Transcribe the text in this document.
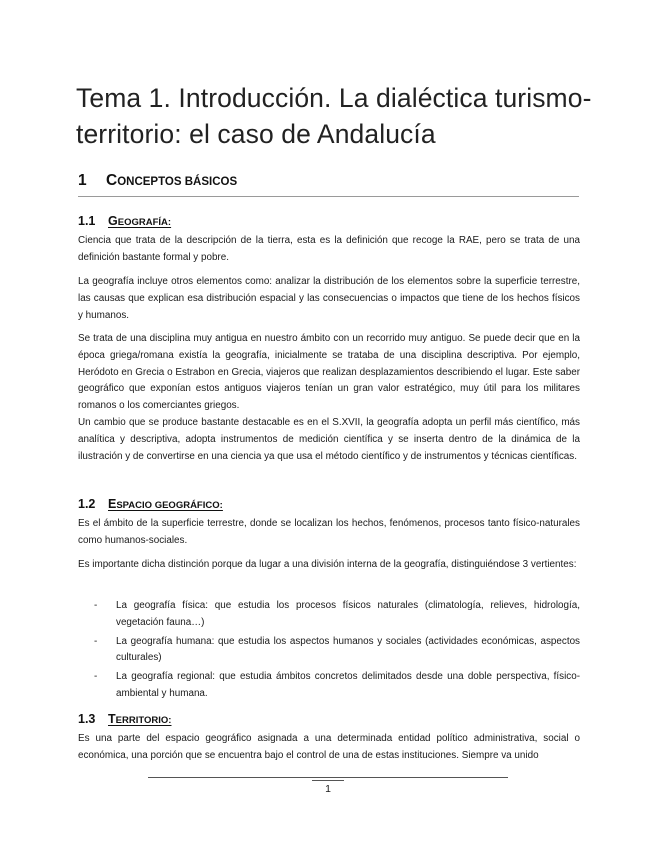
Tema 1. Introducción. La dialéctica turismo-territorio: el caso de Andalucía
1 CONCEPTOS BÁSICOS
1.1 GEOGRAFÍA:

Ciencia que trata de la descripción de la tierra, esta es la definición que recoge la RAE, pero se trata de una definición bastante formal y pobre.

La geografía incluye otros elementos como: analizar la distribución de los elementos sobre la superficie terrestre, las causas que explican esa distribución espacial y las consecuencias o impactos que tiene de los hechos físicos y humanos.

Se trata de una disciplina muy antigua en nuestro ámbito con un recorrido muy antiguo. Se puede decir que en la época griega/romana existía la geografía, inicialmente se trataba de una disciplina descriptiva. Por ejemplo, Heródoto en Grecia o Estrabon en Grecia, viajeros que realizan desplazamientos describiendo el lugar. Este saber geográfico que exponían estos antiguos viajeros tenían un gran valor estratégico, muy útil para los militares romanos o los comerciantes griegos.

Un cambio que se produce bastante destacable es en el S.XVII, la geografía adopta un perfil más científico, más analítica y descriptiva, adopta instrumentos de medición científica y se inserta dentro de la dinámica de la ilustración y de convertirse en una ciencia ya que usa el método científico y de instrumentos y técnicas científicas.

1.2 ESPACIO GEOGRÁFICO:

Es el ámbito de la superficie terrestre, donde se localizan los hechos, fenómenos, procesos tanto físico-naturales como humanos-sociales.

Es importante dicha distinción porque da lugar a una división interna de la geografía, distinguiéndose 3 vertientes:

- La geografía física: que estudia los procesos físicos naturales (climatología, relieves, hidrología, vegetación fauna…)
- La geografía humana: que estudia los aspectos humanos y sociales (actividades económicas, aspectos culturales)
- La geografía regional: que estudia ámbitos concretos delimitados desde una doble perspectiva, físico-ambiental y humana.
1.3 TERRITORIO:

Es una parte del espacio geográfico asignada a una determinada entidad político administrativa, social o económica, una porción que se encuentra bajo el control de una de estas instituciones. Siempre va unido

1
